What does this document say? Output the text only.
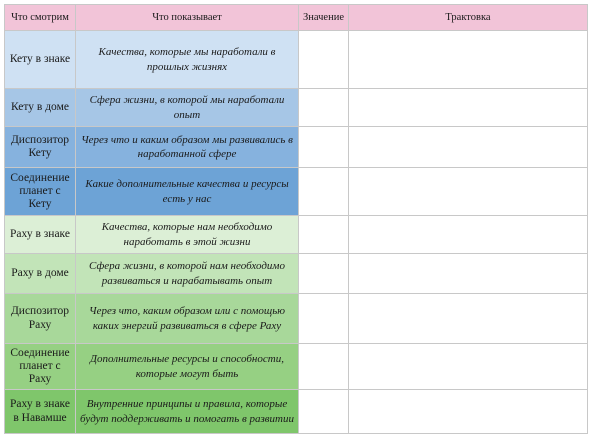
Что смотрим	Что показывает	Значение	Трактовка
Кету в знаке	Качества, которые мы наработали в прошлых жизнях		
Кету в доме	Сфера жизни, в которой мы наработали опыт		
Диспозитор Кету	Через что и каким образом мы развивались в наработанной сфере		
Соединение планет с Кету	Какие дополнительные качества и ресурсы есть у нас		
Раху в знаке	Качества, которые нам необходимо наработать в этой жизни		
Раху в доме	Сфера жизни, в которой нам необходимо развиваться и нарабатывать опыт		
Диспозитор Раху	Через что, каким образом или с помощью каких энергий развиваться в сфере Раху		
Соединение планет с Раху	Дополнительные ресурсы и способности, которые могут быть		
Раху в знаке в Навамше	Внутренние принципы и правила, которые будут поддерживать и помогать в развитии		
